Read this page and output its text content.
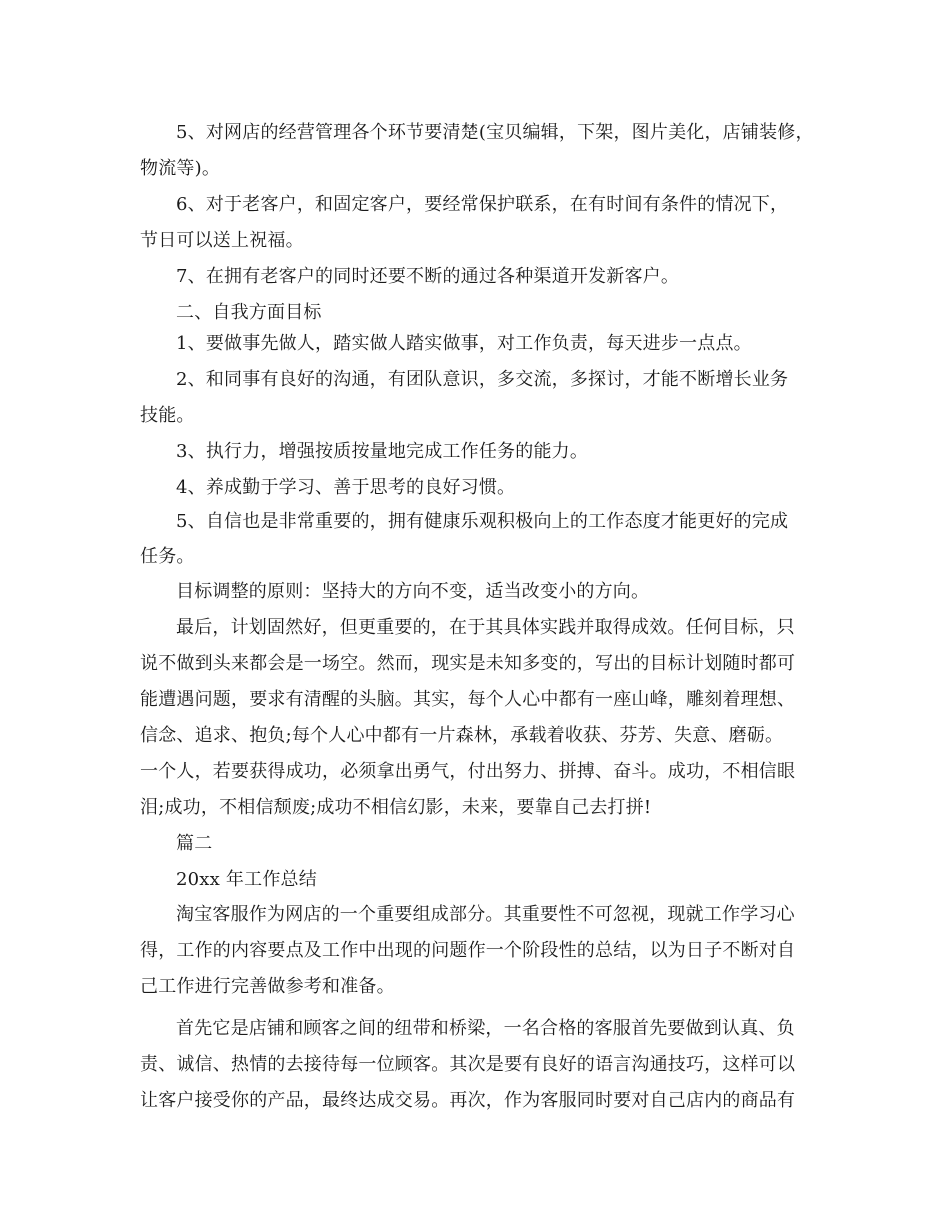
5、对网店的经营管理各个环节要清楚(宝贝编辑，下架，图片美化，店铺装修，
物流等)。
6、对于老客户，和固定客户，要经常保护联系，在有时间有条件的情况下，
节日可以送上祝福。
7、在拥有老客户的同时还要不断的通过各种渠道开发新客户。
二、自我方面目标
1、要做事先做人，踏实做人踏实做事，对工作负责，每天进步一点点。
2、和同事有良好的沟通，有团队意识，多交流，多探讨，才能不断增长业务
技能。
3、执行力，增强按质按量地完成工作任务的能力。
4、养成勤于学习、善于思考的良好习惯。
5、自信也是非常重要的，拥有健康乐观积极向上的工作态度才能更好的完成
任务。
目标调整的原则：坚持大的方向不变，适当改变小的方向。
最后，计划固然好，但更重要的，在于其具体实践并取得成效。任何目标，只
说不做到头来都会是一场空。然而，现实是未知多变的，写出的目标计划随时都可
能遭遇问题，要求有清醒的头脑。其实，每个人心中都有一座山峰，雕刻着理想、
信念、追求、抱负;每个人心中都有一片森林，承载着收获、芬芳、失意、磨砺。
一个人，若要获得成功，必须拿出勇气，付出努力、拼搏、奋斗。成功，不相信眼
泪;成功，不相信颓废;成功不相信幻影，未来，要靠自己去打拼!
篇二
20xx 年工作总结
淘宝客服作为网店的一个重要组成部分。其重要性不可忽视，现就工作学习心
得，工作的内容要点及工作中出现的问题作一个阶段性的总结，以为日子不断对自
己工作进行完善做参考和准备。
首先它是店铺和顾客之间的纽带和桥梁，一名合格的客服首先要做到认真、负
责、诚信、热情的去接待每一位顾客。其次是要有良好的语言沟通技巧，这样可以
让客户接受你的产品，最终达成交易。再次，作为客服同时要对自己店内的商品有
